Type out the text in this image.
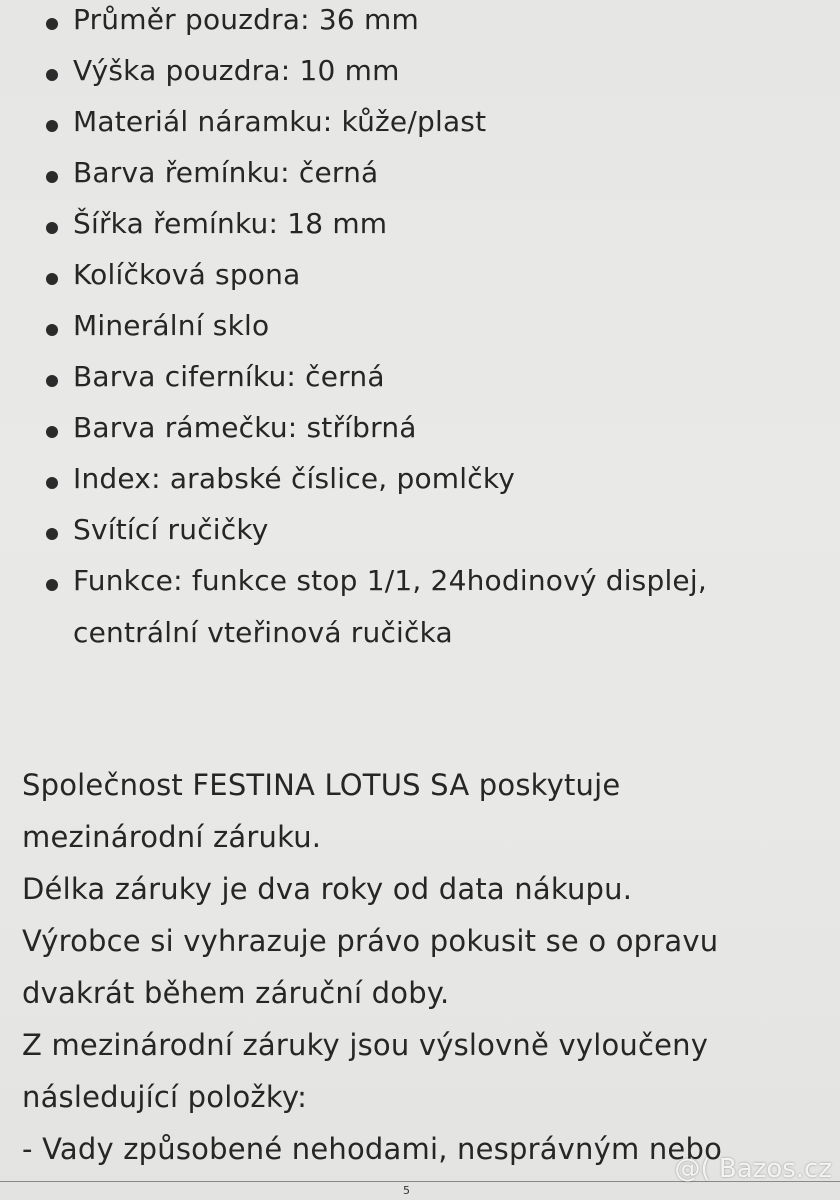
Průměr pouzdra: 36 mm
Výška pouzdra: 10 mm
Materiál náramku: kůže/plast
Barva řemínku: černá
Šířka řemínku: 18 mm
Kolíčková spona
Minerální sklo
Barva ciferníku: černá
Barva rámečku: stříbrná
Index: arabské číslice, pomlčky
Svítící ručičky
Funkce: funkce stop 1/1, 24hodinový displej,
centrální vteřinová ručička
Společnost FESTINA LOTUS SA poskytuje
mezinárodní záruku.
Délka záruky je dva roky od data nákupu.
Výrobce si vyhrazuje právo pokusit se o opravu
dvakrát během záruční doby.
Z mezinárodní záruky jsou výslovně vyloučeny
následující položky:
- Vady způsobené nehodami, nesprávným nebo
5
@( Bazos.cz
